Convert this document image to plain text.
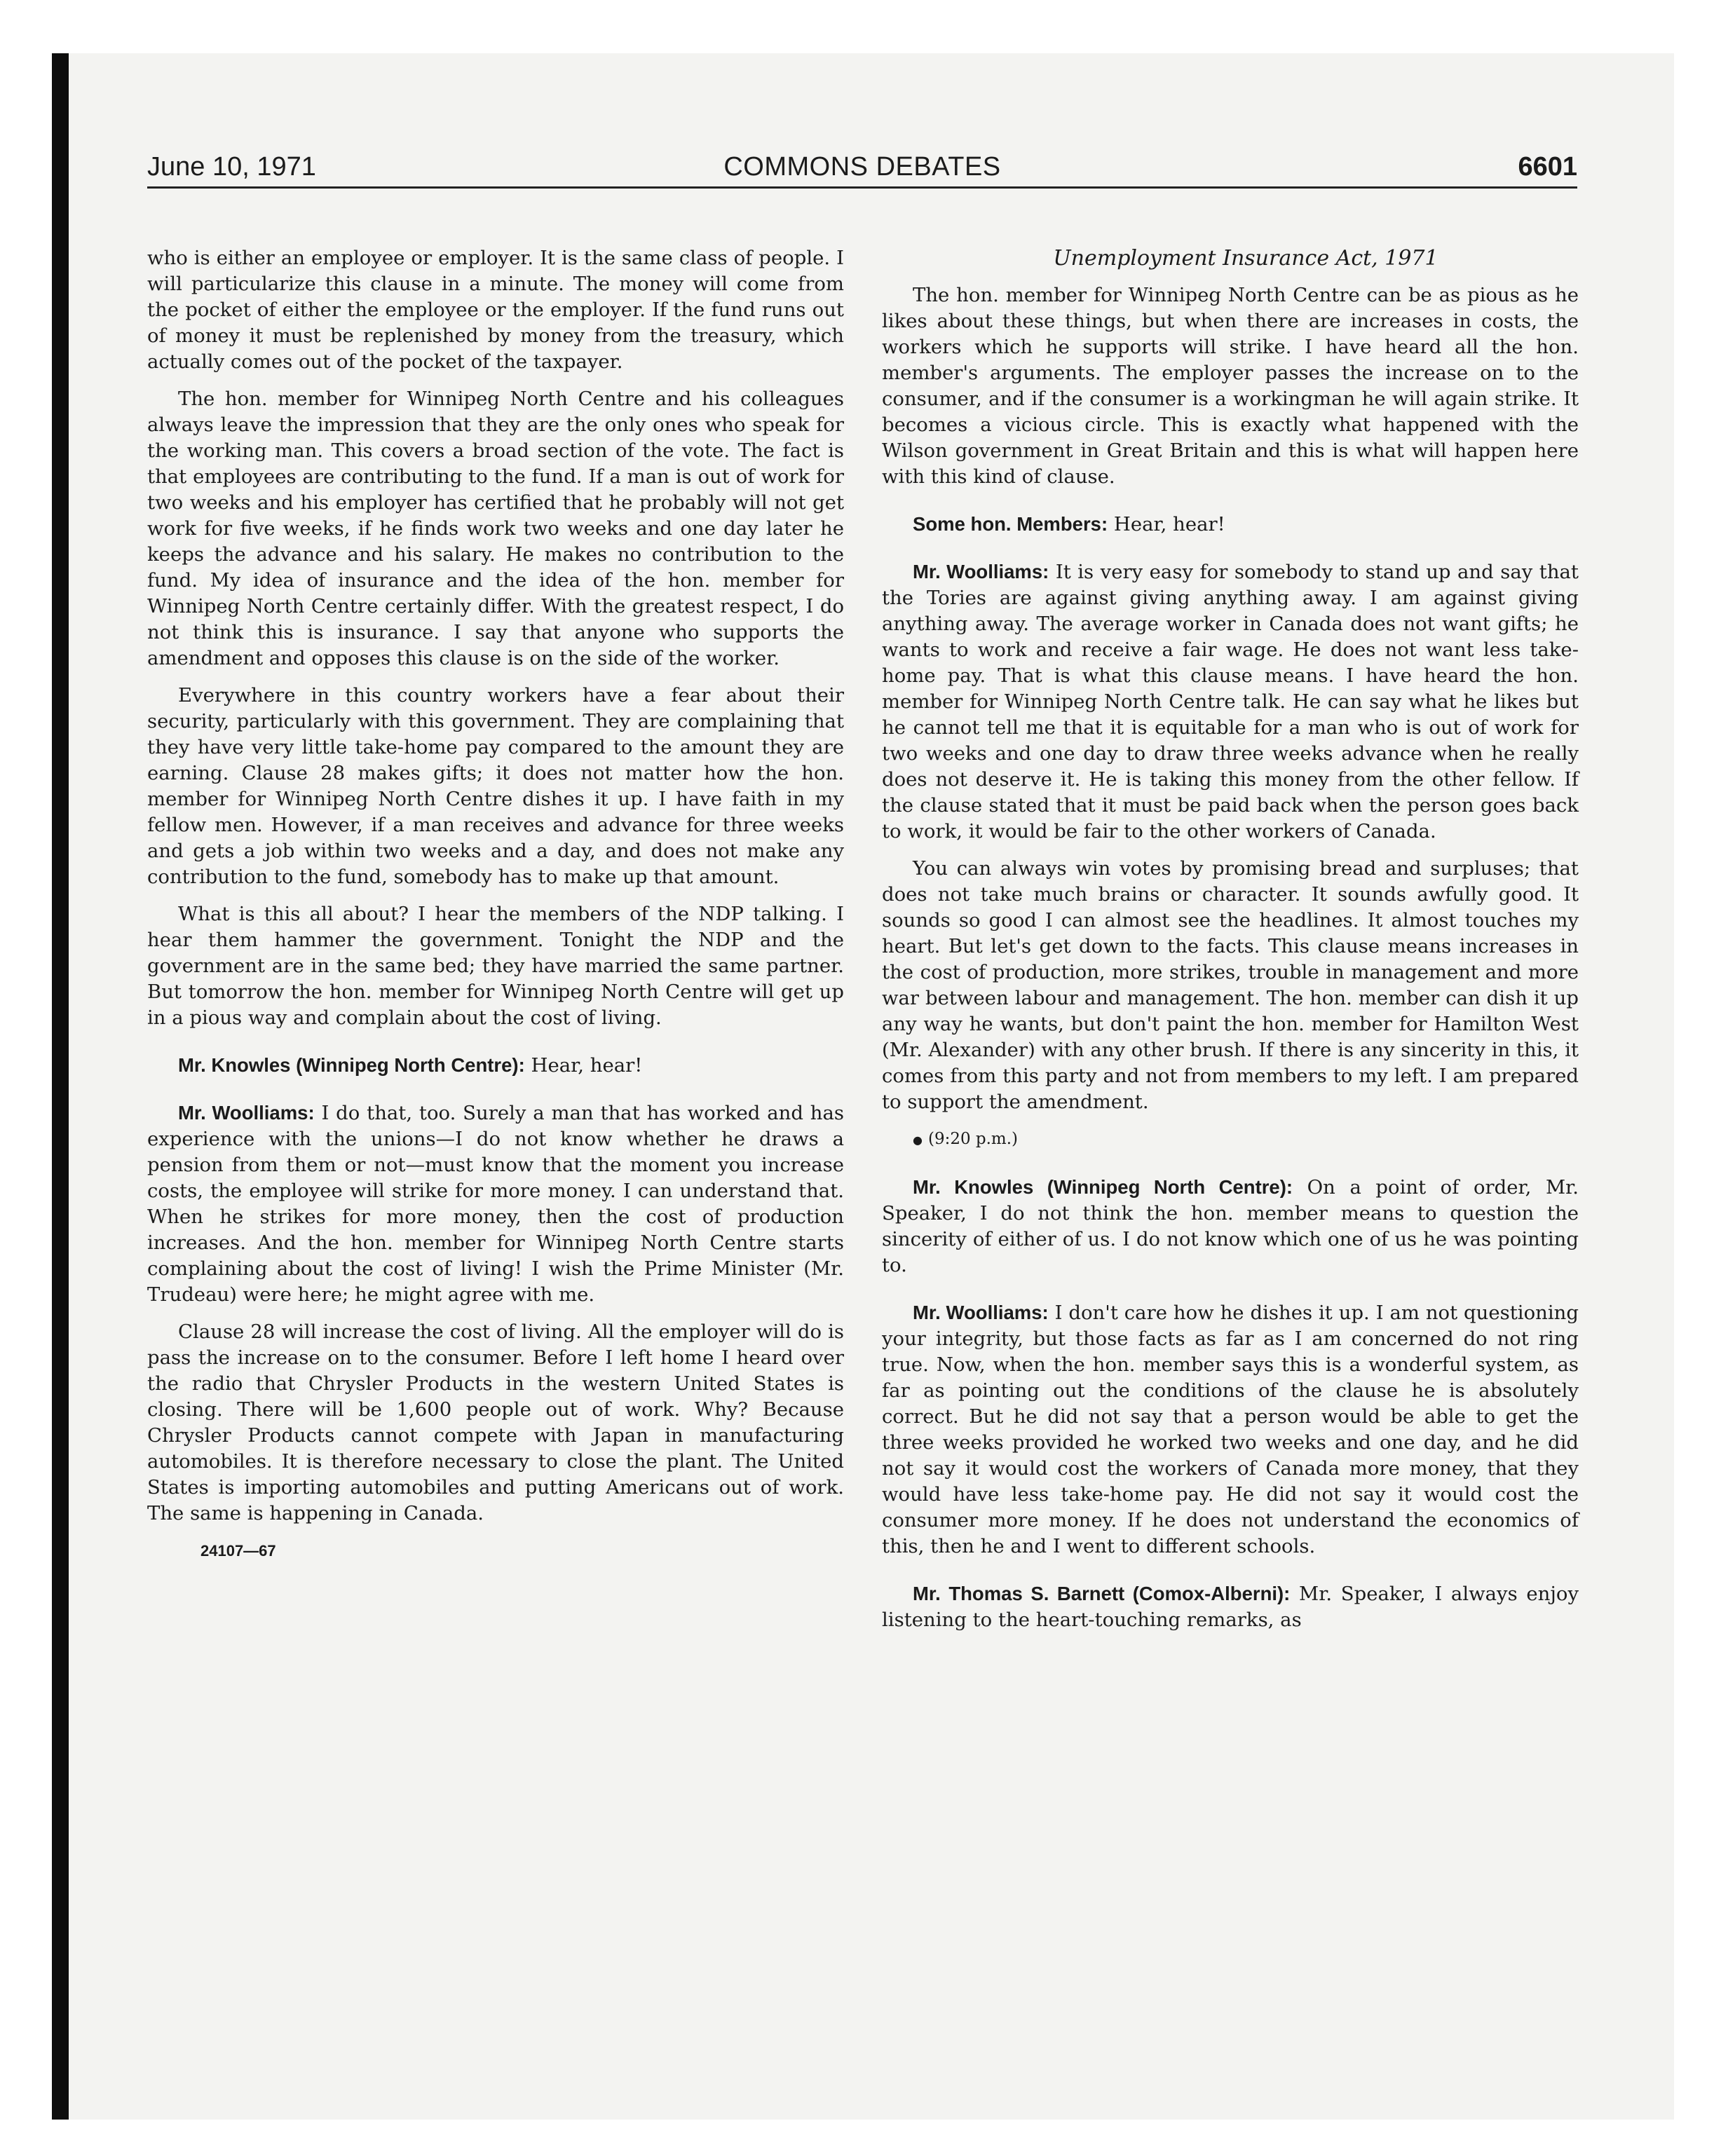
June 10, 1971	COMMONS DEBATES	6601

who is either an employee or employer. It is the same class of people. I will particularize this clause in a minute. The money will come from the pocket of either the employee or the employer. If the fund runs out of money it must be replenished by money from the treasury, which actually comes out of the pocket of the taxpayer.

The hon. member for Winnipeg North Centre and his colleagues always leave the impression that they are the only ones who speak for the working man. This covers a broad section of the vote. The fact is that employees are contributing to the fund. If a man is out of work for two weeks and his employer has certified that he probably will not get work for five weeks, if he finds work two weeks and one day later he keeps the advance and his salary. He makes no contribution to the fund. My idea of insurance and the idea of the hon. member for Winnipeg North Centre certainly differ. With the greatest respect, I do not think this is insurance. I say that anyone who supports the amendment and opposes this clause is on the side of the worker.

Everywhere in this country workers have a fear about their security, particularly with this government. They are complaining that they have very little take-home pay compared to the amount they are earning. Clause 28 makes gifts; it does not matter how the hon. member for Winnipeg North Centre dishes it up. I have faith in my fellow men. However, if a man receives and advance for three weeks and gets a job within two weeks and a day, and does not make any contribution to the fund, somebody has to make up that amount.

What is this all about? I hear the members of the NDP talking. I hear them hammer the government. Tonight the NDP and the government are in the same bed; they have married the same partner. But tomorrow the hon. member for Winnipeg North Centre will get up in a pious way and complain about the cost of living.

Mr. Knowles (Winnipeg North Centre): Hear, hear!

Mr. Woolliams: I do that, too. Surely a man that has worked and has experience with the unions—I do not know whether he draws a pension from them or not—must know that the moment you increase costs, the employee will strike for more money. I can understand that. When he strikes for more money, then the cost of production increases. And the hon. member for Winnipeg North Centre starts complaining about the cost of living! I wish the Prime Minister (Mr. Trudeau) were here; he might agree with me.

Clause 28 will increase the cost of living. All the employer will do is pass the increase on to the consumer. Before I left home I heard over the radio that Chrysler Products in the western United States is closing. There will be 1,600 people out of work. Why? Because Chrysler Products cannot compete with Japan in manufacturing automobiles. It is therefore necessary to close the plant. The United States is importing automobiles and putting Americans out of work. The same is happening in Canada.

24107—67

Unemployment Insurance Act, 1971

The hon. member for Winnipeg North Centre can be as pious as he likes about these things, but when there are increases in costs, the workers which he supports will strike. I have heard all the hon. member's arguments. The employer passes the increase on to the consumer, and if the consumer is a workingman he will again strike. It becomes a vicious circle. This is exactly what happened with the Wilson government in Great Britain and this is what will happen here with this kind of clause.

Some hon. Members: Hear, hear!

Mr. Woolliams: It is very easy for somebody to stand up and say that the Tories are against giving anything away. I am against giving anything away. The average worker in Canada does not want gifts; he wants to work and receive a fair wage. He does not want less take-home pay. That is what this clause means. I have heard the hon. member for Winnipeg North Centre talk. He can say what he likes but he cannot tell me that it is equitable for a man who is out of work for two weeks and one day to draw three weeks advance when he really does not deserve it. He is taking this money from the other fellow. If the clause stated that it must be paid back when the person goes back to work, it would be fair to the other workers of Canada.

You can always win votes by promising bread and surpluses; that does not take much brains or character. It sounds awfully good. It sounds so good I can almost see the headlines. It almost touches my heart. But let's get down to the facts. This clause means increases in the cost of production, more strikes, trouble in management and more war between labour and management. The hon. member can dish it up any way he wants, but don't paint the hon. member for Hamilton West (Mr. Alexander) with any other brush. If there is any sincerity in this, it comes from this party and not from members to my left. I am prepared to support the amendment.

● (9:20 p.m.)

Mr. Knowles (Winnipeg North Centre): On a point of order, Mr. Speaker, I do not think the hon. member means to question the sincerity of either of us. I do not know which one of us he was pointing to.

Mr. Woolliams: I don't care how he dishes it up. I am not questioning your integrity, but those facts as far as I am concerned do not ring true. Now, when the hon. member says this is a wonderful system, as far as pointing out the conditions of the clause he is absolutely correct. But he did not say that a person would be able to get the three weeks provided he worked two weeks and one day, and he did not say it would cost the workers of Canada more money, that they would have less take-home pay. He did not say it would cost the consumer more money. If he does not understand the economics of this, then he and I went to different schools.

Mr. Thomas S. Barnett (Comox-Alberni): Mr. Speaker, I always enjoy listening to the heart-touching remarks, as
